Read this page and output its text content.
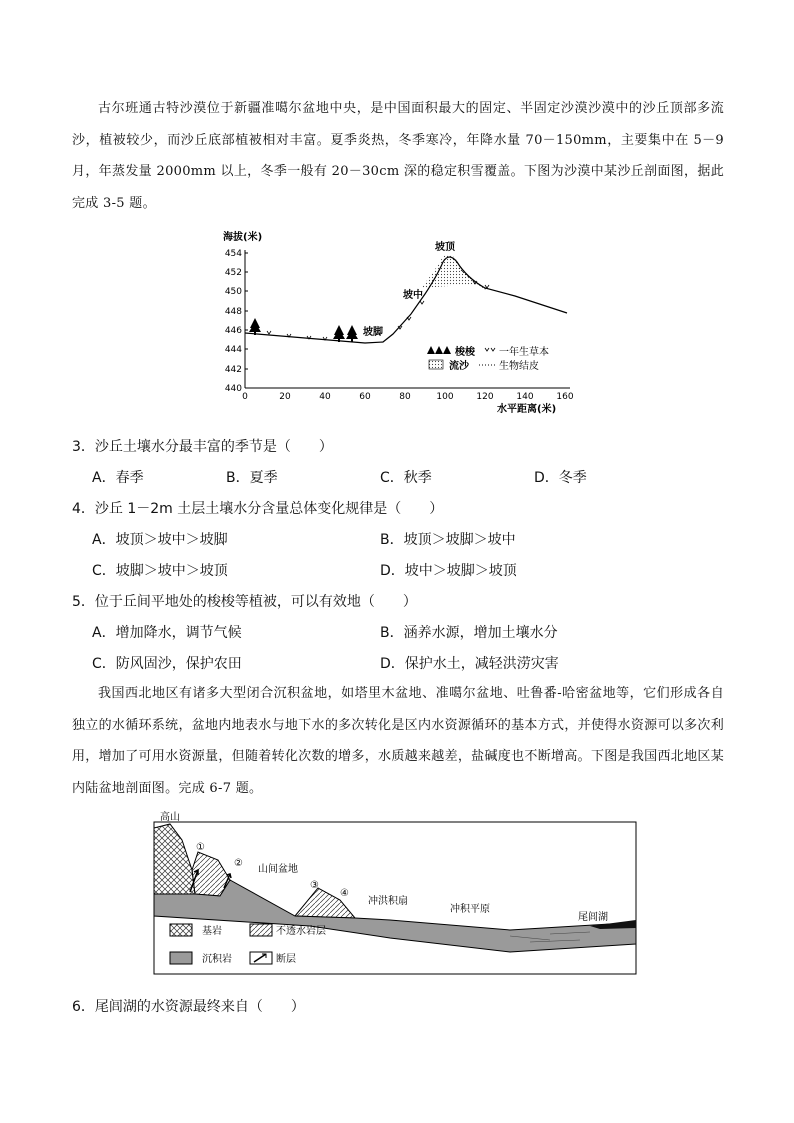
古尔班通古特沙漠位于新疆准噶尔盆地中央，是中国面积最大的固定、半固定沙漠沙漠中的沙丘顶部多流沙，植被较少，而沙丘底部植被相对丰富。夏季炎热，冬季寒冷，年降水量 70－150mm，主要集中在 5－9月，年蒸发量 2000mm 以上，冬季一般有 20－30cm 深的稳定积雪覆盖。下图为沙漠中某沙丘剖面图，据此完成 3-5 题。
海拔(米)
454
452
450
448
446
444
442
440
0	20	40	60	80	100	120	140	160
水平距离(米)
坡顶
坡中
坡脚
梭梭 一年生草本
流沙	生物结皮
3．沙丘土壤水分最丰富的季节是（　　）
A．春季	B．夏季	C．秋季	D．冬季
4．沙丘 1－2m 土层土壤水分含量总体变化规律是（　　）
A．坡顶＞坡中＞坡脚	B．坡顶＞坡脚＞坡中
C．坡脚＞坡中＞坡顶	D．坡中＞坡脚＞坡顶
5．位于丘间平地处的梭梭等植被，可以有效地（　　）
A．增加降水，调节气候	B．涵养水源，增加土壤水分
C．防风固沙，保护农田	D．保护水土，减轻洪涝灾害
我国西北地区有诸多大型闭合沉积盆地，如塔里木盆地、准噶尔盆地、吐鲁番-哈密盆地等，它们形成各自独立的水循环系统，盆地内地表水与地下水的多次转化是区内水资源循环的基本方式，并使得水资源可以多次利用，增加了可用水资源量，但随着转化次数的增多，水质越来越差，盐碱度也不断增高。下图是我国西北地区某内陆盆地剖面图。完成 6-7 题。
高山
山间盆地
冲洪积扇
冲积平原
尾闾湖
①
②
③
④
基岩	不透水岩层
沉积岩	断层
6．尾闾湖的水资源最终来自（　　）
